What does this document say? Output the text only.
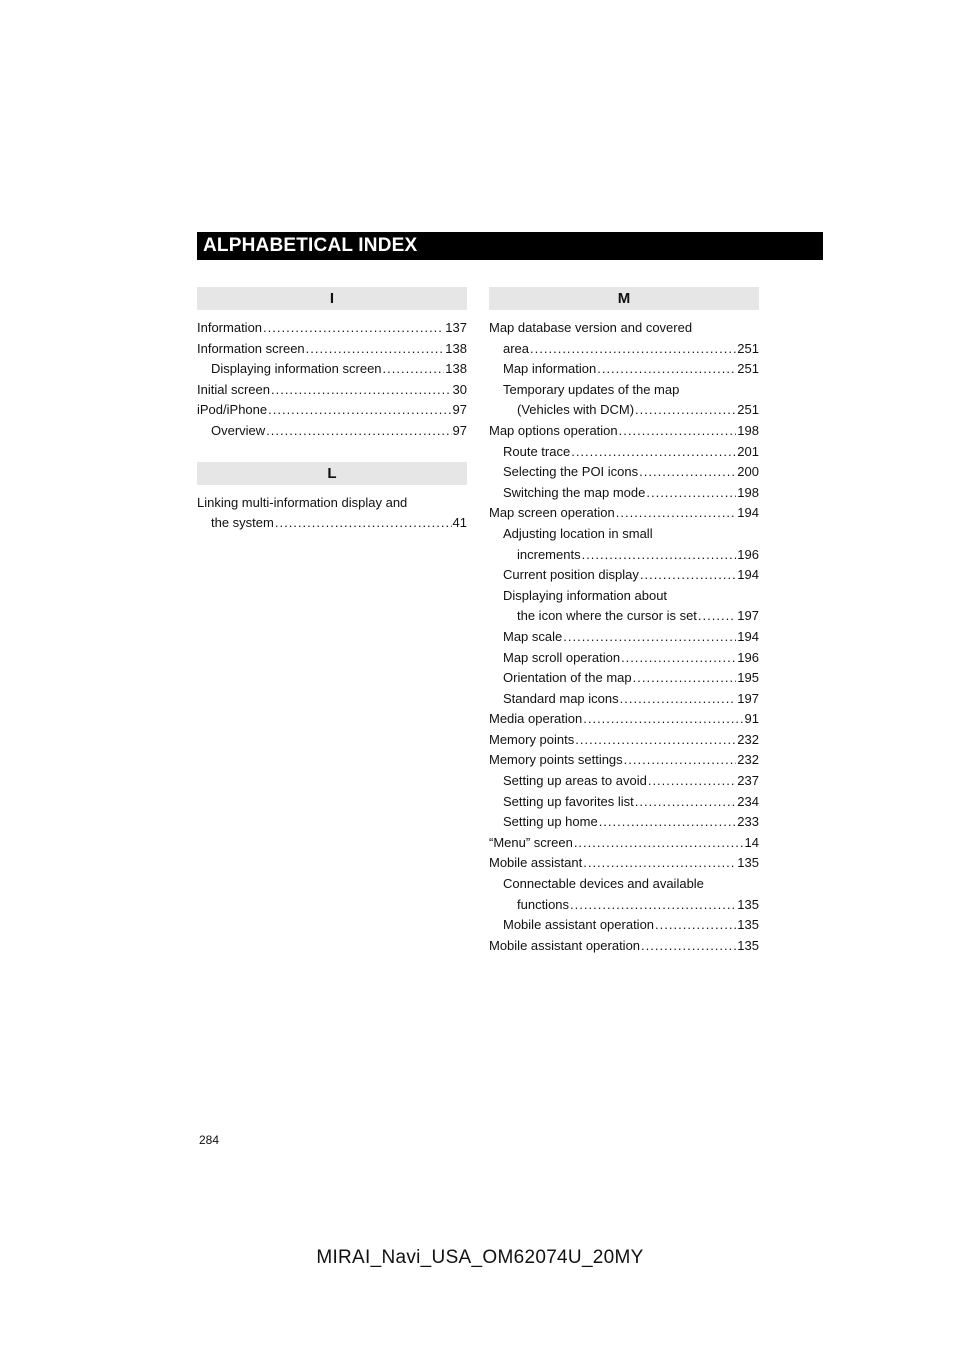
ALPHABETICAL INDEX
I
Information .....	137
Information screen .....	138
Displaying information screen .....	138
Initial screen .....	30
iPod/iPhone .....	97
Overview .....	97
L
Linking multi-information display and
the system .....	41
M
Map database version and covered
area .....	251
Map information .....	251
Temporary updates of the map
(Vehicles with DCM) .....	251
Map options operation .....	198
Route trace .....	201
Selecting the POI icons .....	200
Switching the map mode .....	198
Map screen operation .....	194
Adjusting location in small
increments .....	196
Current position display .....	194
Displaying information about
the icon where the cursor is set .....	197
Map scale .....	194
Map scroll operation .....	196
Orientation of the map .....	195
Standard map icons .....	197
Media operation .....	91
Memory points .....	232
Memory points settings .....	232
Setting up areas to avoid .....	237
Setting up favorites list .....	234
Setting up home .....	233
“Menu” screen .....	14
Mobile assistant .....	135
Connectable devices and available
functions .....	135
Mobile assistant operation .....	135
Mobile assistant operation .....	135
284
MIRAI_Navi_USA_OM62074U_20MY
